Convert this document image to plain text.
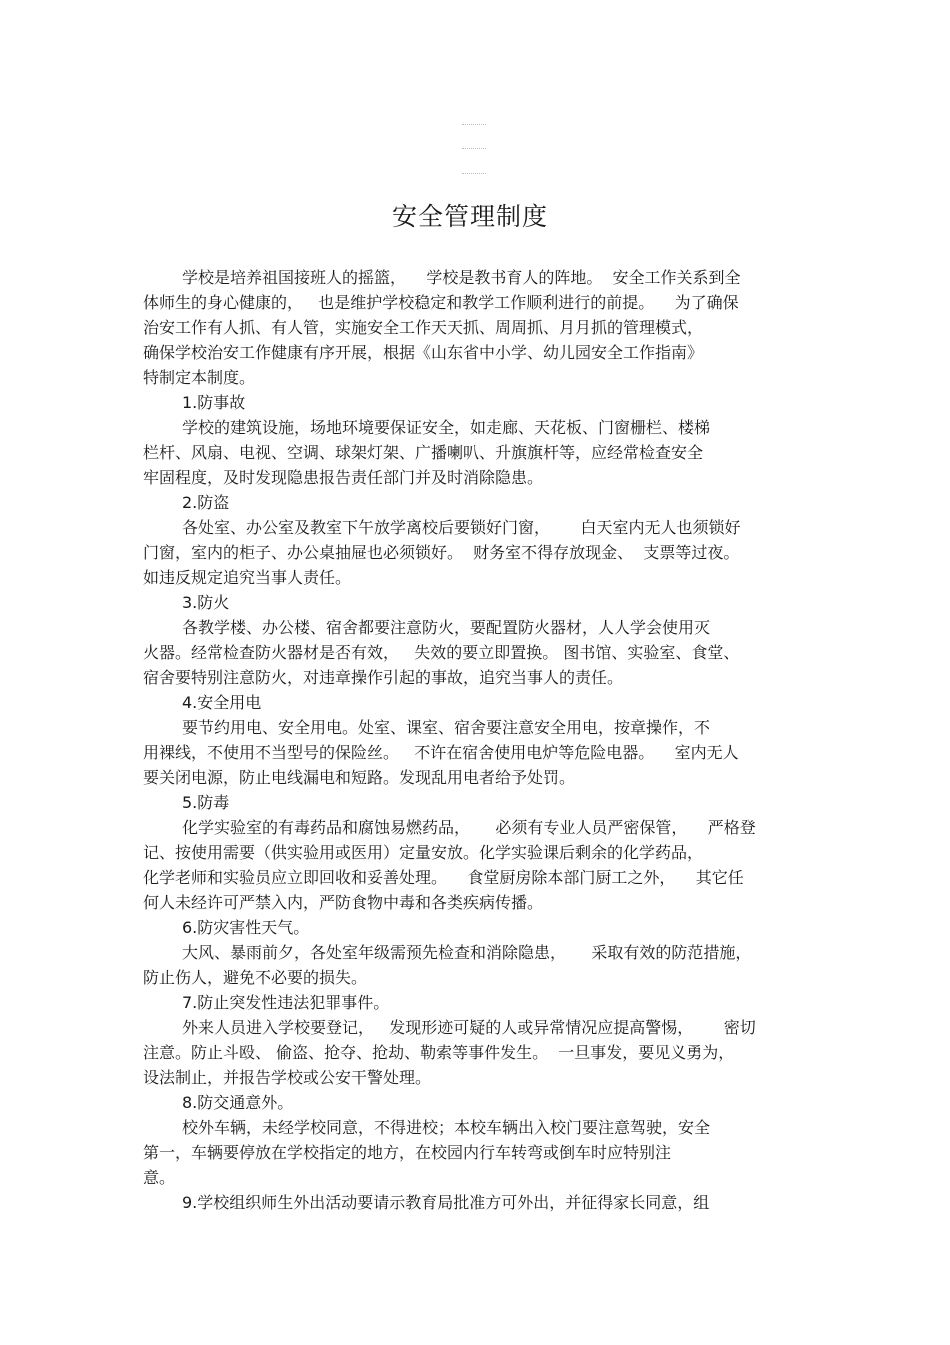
安全管理制度
学校是培养祖国接班人的摇篮，    学校是教书育人的阵地。  安全工作关系到全
体师生的身心健康的，   也是维护学校稳定和教学工作顺利进行的前提。    为了确保
治安工作有人抓、有人管，实施安全工作天天抓、周周抓、月月抓的管理模式，
确保学校治安工作健康有序开展，根据《山东省中小学、幼儿园安全工作指南》
特制定本制度。
1.防事故
学校的建筑设施，场地环境要保证安全，如走廊、天花板、门窗栅栏、楼梯
栏杆、风扇、电视、空调、球架灯架、广播喇叭、升旗旗杆等，应经常检查安全
牢固程度，及时发现隐患报告责任部门并及时消除隐患。
2.防盗
各处室、办公室及教室下午放学离校后要锁好门窗，      白天室内无人也须锁好
门窗，室内的柜子、办公桌抽屉也必须锁好。  财务室不得存放现金、  支票等过夜。
如违反规定追究当事人责任。
3.防火
各教学楼、办公楼、宿舍都要注意防火，要配置防火器材，人人学会使用灭
火器。经常检查防火器材是否有效，   失效的要立即置换。 图书馆、实验室、食堂、
宿舍要特别注意防火，对违章操作引起的事故，追究当事人的责任。
4.安全用电
要节约用电、安全用电。处室、课室、宿舍要注意安全用电，按章操作，不
用裸线，不使用不当型号的保险丝。   不许在宿舍使用电炉等危险电器。    室内无人
要关闭电源，防止电线漏电和短路。发现乱用电者给予处罚。
5.防毒
化学实验室的有毒药品和腐蚀易燃药品，     必须有专业人员严密保管，    严格登
记、按使用需要（供实验用或医用）定量安放。化学实验课后剩余的化学药品，
化学老师和实验员应立即回收和妥善处理。    食堂厨房除本部门厨工之外，    其它任
何人未经许可严禁入内，严防食物中毒和各类疾病传播。
6.防灾害性天气。
大风、暴雨前夕，各处室年级需预先检查和消除隐患，     采取有效的防范措施，
防止伤人，避免不必要的损失。
7.防止突发性违法犯罪事件。
外来人员进入学校要登记，   发现形迹可疑的人或异常情况应提高警惕，      密切
注意。防止斗殴、 偷盗、抢夺、抢劫、勒索等事件发生。  一旦事发，要见义勇为，
设法制止，并报告学校或公安干警处理。
8.防交通意外。
校外车辆，未经学校同意，不得进校；本校车辆出入校门要注意驾驶，安全
第一，车辆要停放在学校指定的地方，在校园内行车转弯或倒车时应特别注
意。
9.学校组织师生外出活动要请示教育局批准方可外出，并征得家长同意，组
